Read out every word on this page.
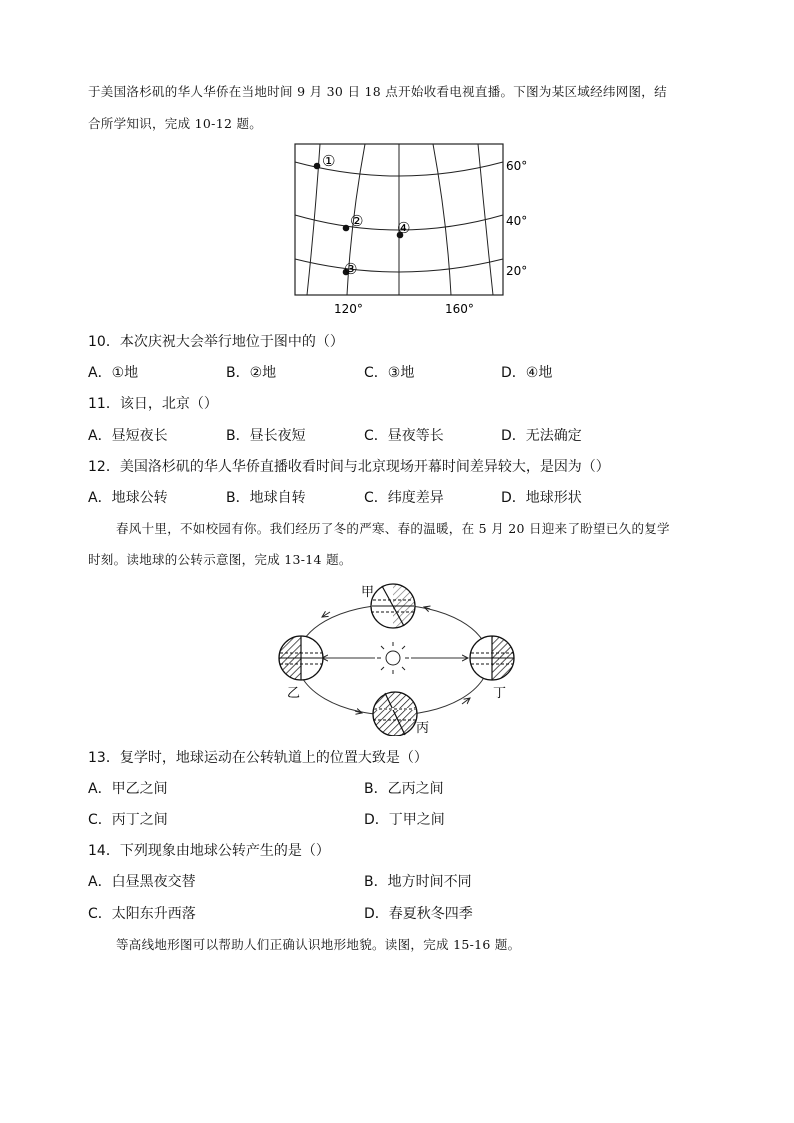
于美国洛杉矶的华人华侨在当地时间 9 月 30 日 18 点开始收看电视直播。下图为某区域经纬网图，结
合所学知识，完成 10-12 题。
①
②
③
④
60°
40°
20°
120°	160°
10．本次庆祝大会举行地位于图中的（）
A．①地	B．②地	C．③地	D．④地
11．该日，北京（）
A．昼短夜长	B．昼长夜短	C．昼夜等长	D．无法确定
12．美国洛杉矶的华人华侨直播收看时间与北京现场开幕时间差异较大，是因为（）
A．地球公转	B．地球自转	C．纬度差异	D．地球形状
春风十里，不如校园有你。我们经历了冬的严寒、春的温暖，在 5 月 20 日迎来了盼望已久的复学
时刻。读地球的公转示意图，完成 13-14 题。
甲
乙
丙
丁
13．复学时，地球运动在公转轨道上的位置大致是（）
A．甲乙之间	B．乙丙之间
C．丙丁之间	D．丁甲之间
14．下列现象由地球公转产生的是（）
A．白昼黑夜交替	B．地方时间不同
C．太阳东升西落	D．春夏秋冬四季
等高线地形图可以帮助人们正确认识地形地貌。读图，完成 15-16 题。
